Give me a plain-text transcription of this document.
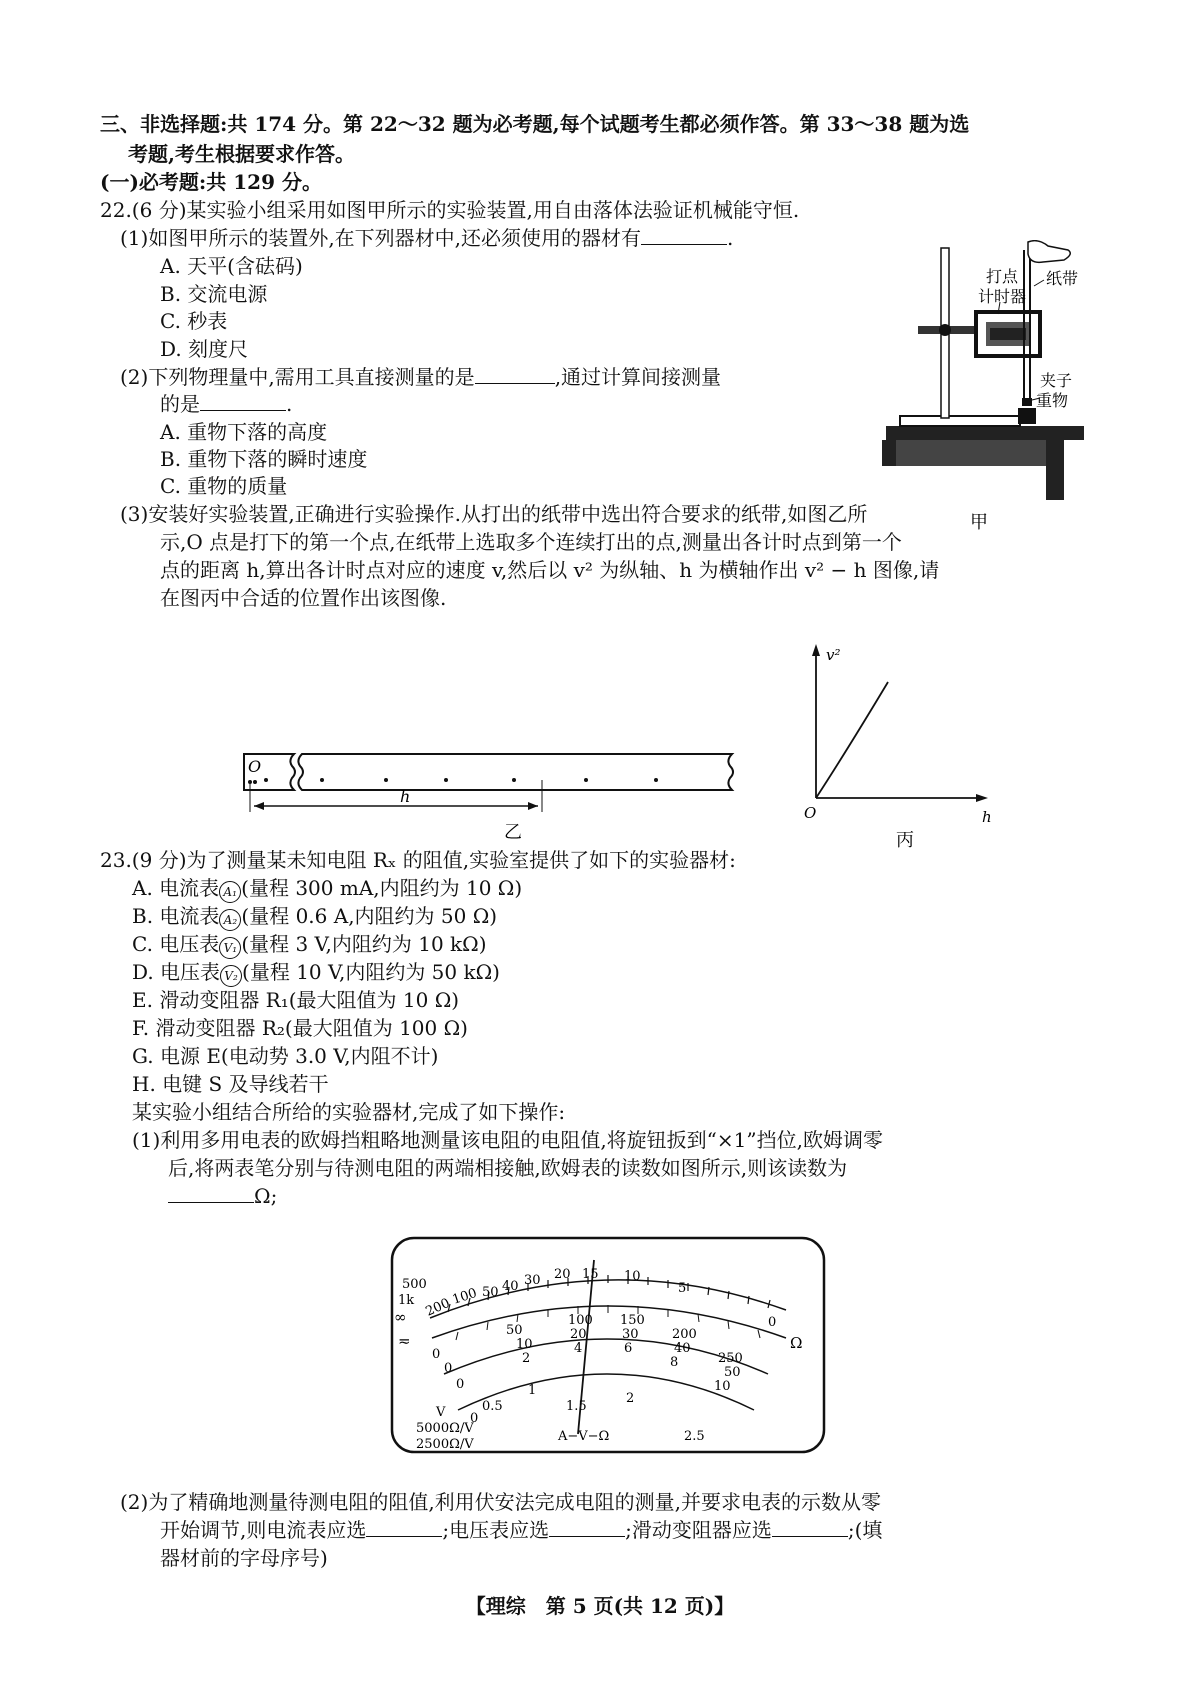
三、非选择题:共 174 分。第 22～32 题为必考题,每个试题考生都必须作答。第 33～38 题为选
考题,考生根据要求作答。
(一)必考题:共 129 分。
22.(6 分)某实验小组采用如图甲所示的实验装置,用自由落体法验证机械能守恒.
(1)如图甲所示的装置外,在下列器材中,还必须使用的器材有	.
A. 天平(含砝码)
B. 交流电源
C. 秒表
D. 刻度尺
(2)下列物理量中,需用工具直接测量的是	,通过计算间接测量
的是	.
A. 重物下落的高度
B. 重物下落的瞬时速度
C. 重物的质量
(3)安装好实验装置,正确进行实验操作.从打出的纸带中选出符合要求的纸带,如图乙所
示,O 点是打下的第一个点,在纸带上选取多个连续打出的点,测量出各计时点到第一个
点的距离 h,算出各计时点对应的速度 v,然后以 v² 为纵轴、h 为横轴作出 v² − h 图像,请
在图丙中合适的位置作出该图像.
打点
计时器
纸带
夹子
重物
甲
O
h
乙
v²
h
O
丙
23.(9 分)为了测量某未知电阻 Rₓ 的阻值,实验室提供了如下的实验器材:
A. 电流表 A₁ (量程 300 mA,内阻约为 10 Ω)
B. 电流表 A₂ (量程 0.6 A,内阻约为 50 Ω)
C. 电压表 V₁ (量程 3 V,内阻约为 10 kΩ)
D. 电压表 V₂ (量程 10 V,内阻约为 50 kΩ)
E. 滑动变阻器 R₁(最大阻值为 10 Ω)
F. 滑动变阻器 R₂(最大阻值为 100 Ω)
G. 电源 E(电动势 3.0 V,内阻不计)
H. 电键 S 及导线若干
某实验小组结合所给的实验器材,完成了如下操作:
(1)利用多用电表的欧姆挡粗略地测量该电阻的电阻值,将旋钮扳到“×1”挡位,欧姆调零
后,将两表笔分别与待测电阻的两端相接触,欧姆表的读数如图所示,则该读数为
Ω;
∞
1k
500
200
100 50 40 30 20 15 10
5
0
Ω
≂
0
50
100 150
200
250
0
10
20	30
40
50
0
2
4	6
8
10
0
0.5
1
1.5
2
2.5
V
A−V−Ω
5000Ω/V
2500Ω/V
(2)为了精确地测量待测电阻的阻值,利用伏安法完成电阻的测量,并要求电表的示数从零
开始调节,则电流表应选	;电压表应选	;滑动变阻器应选	;(填
器材前的字母序号)
【理综　第 5 页(共 12 页)】
